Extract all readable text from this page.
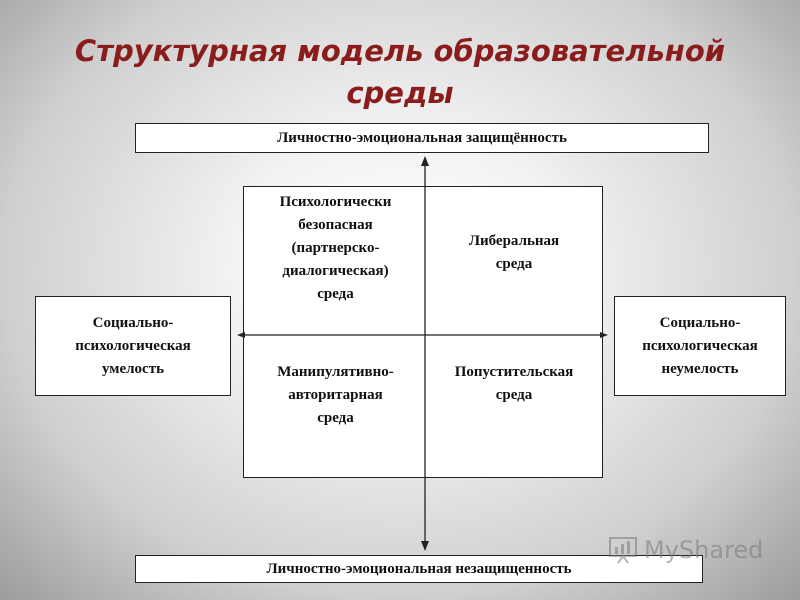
Структурная модель образовательной
среды
Личностно-эмоциональная защищённость
Личностно-эмоциональная незащищенность
Социально-
психологическая
умелость
Социально-
психологическая
неумелость
Психологически
безопасная
(партнерско-
диалогическая)
среда
Либеральная
среда
Манипулятивно-
авторитарная
среда
Попустительская
среда
MyShared
